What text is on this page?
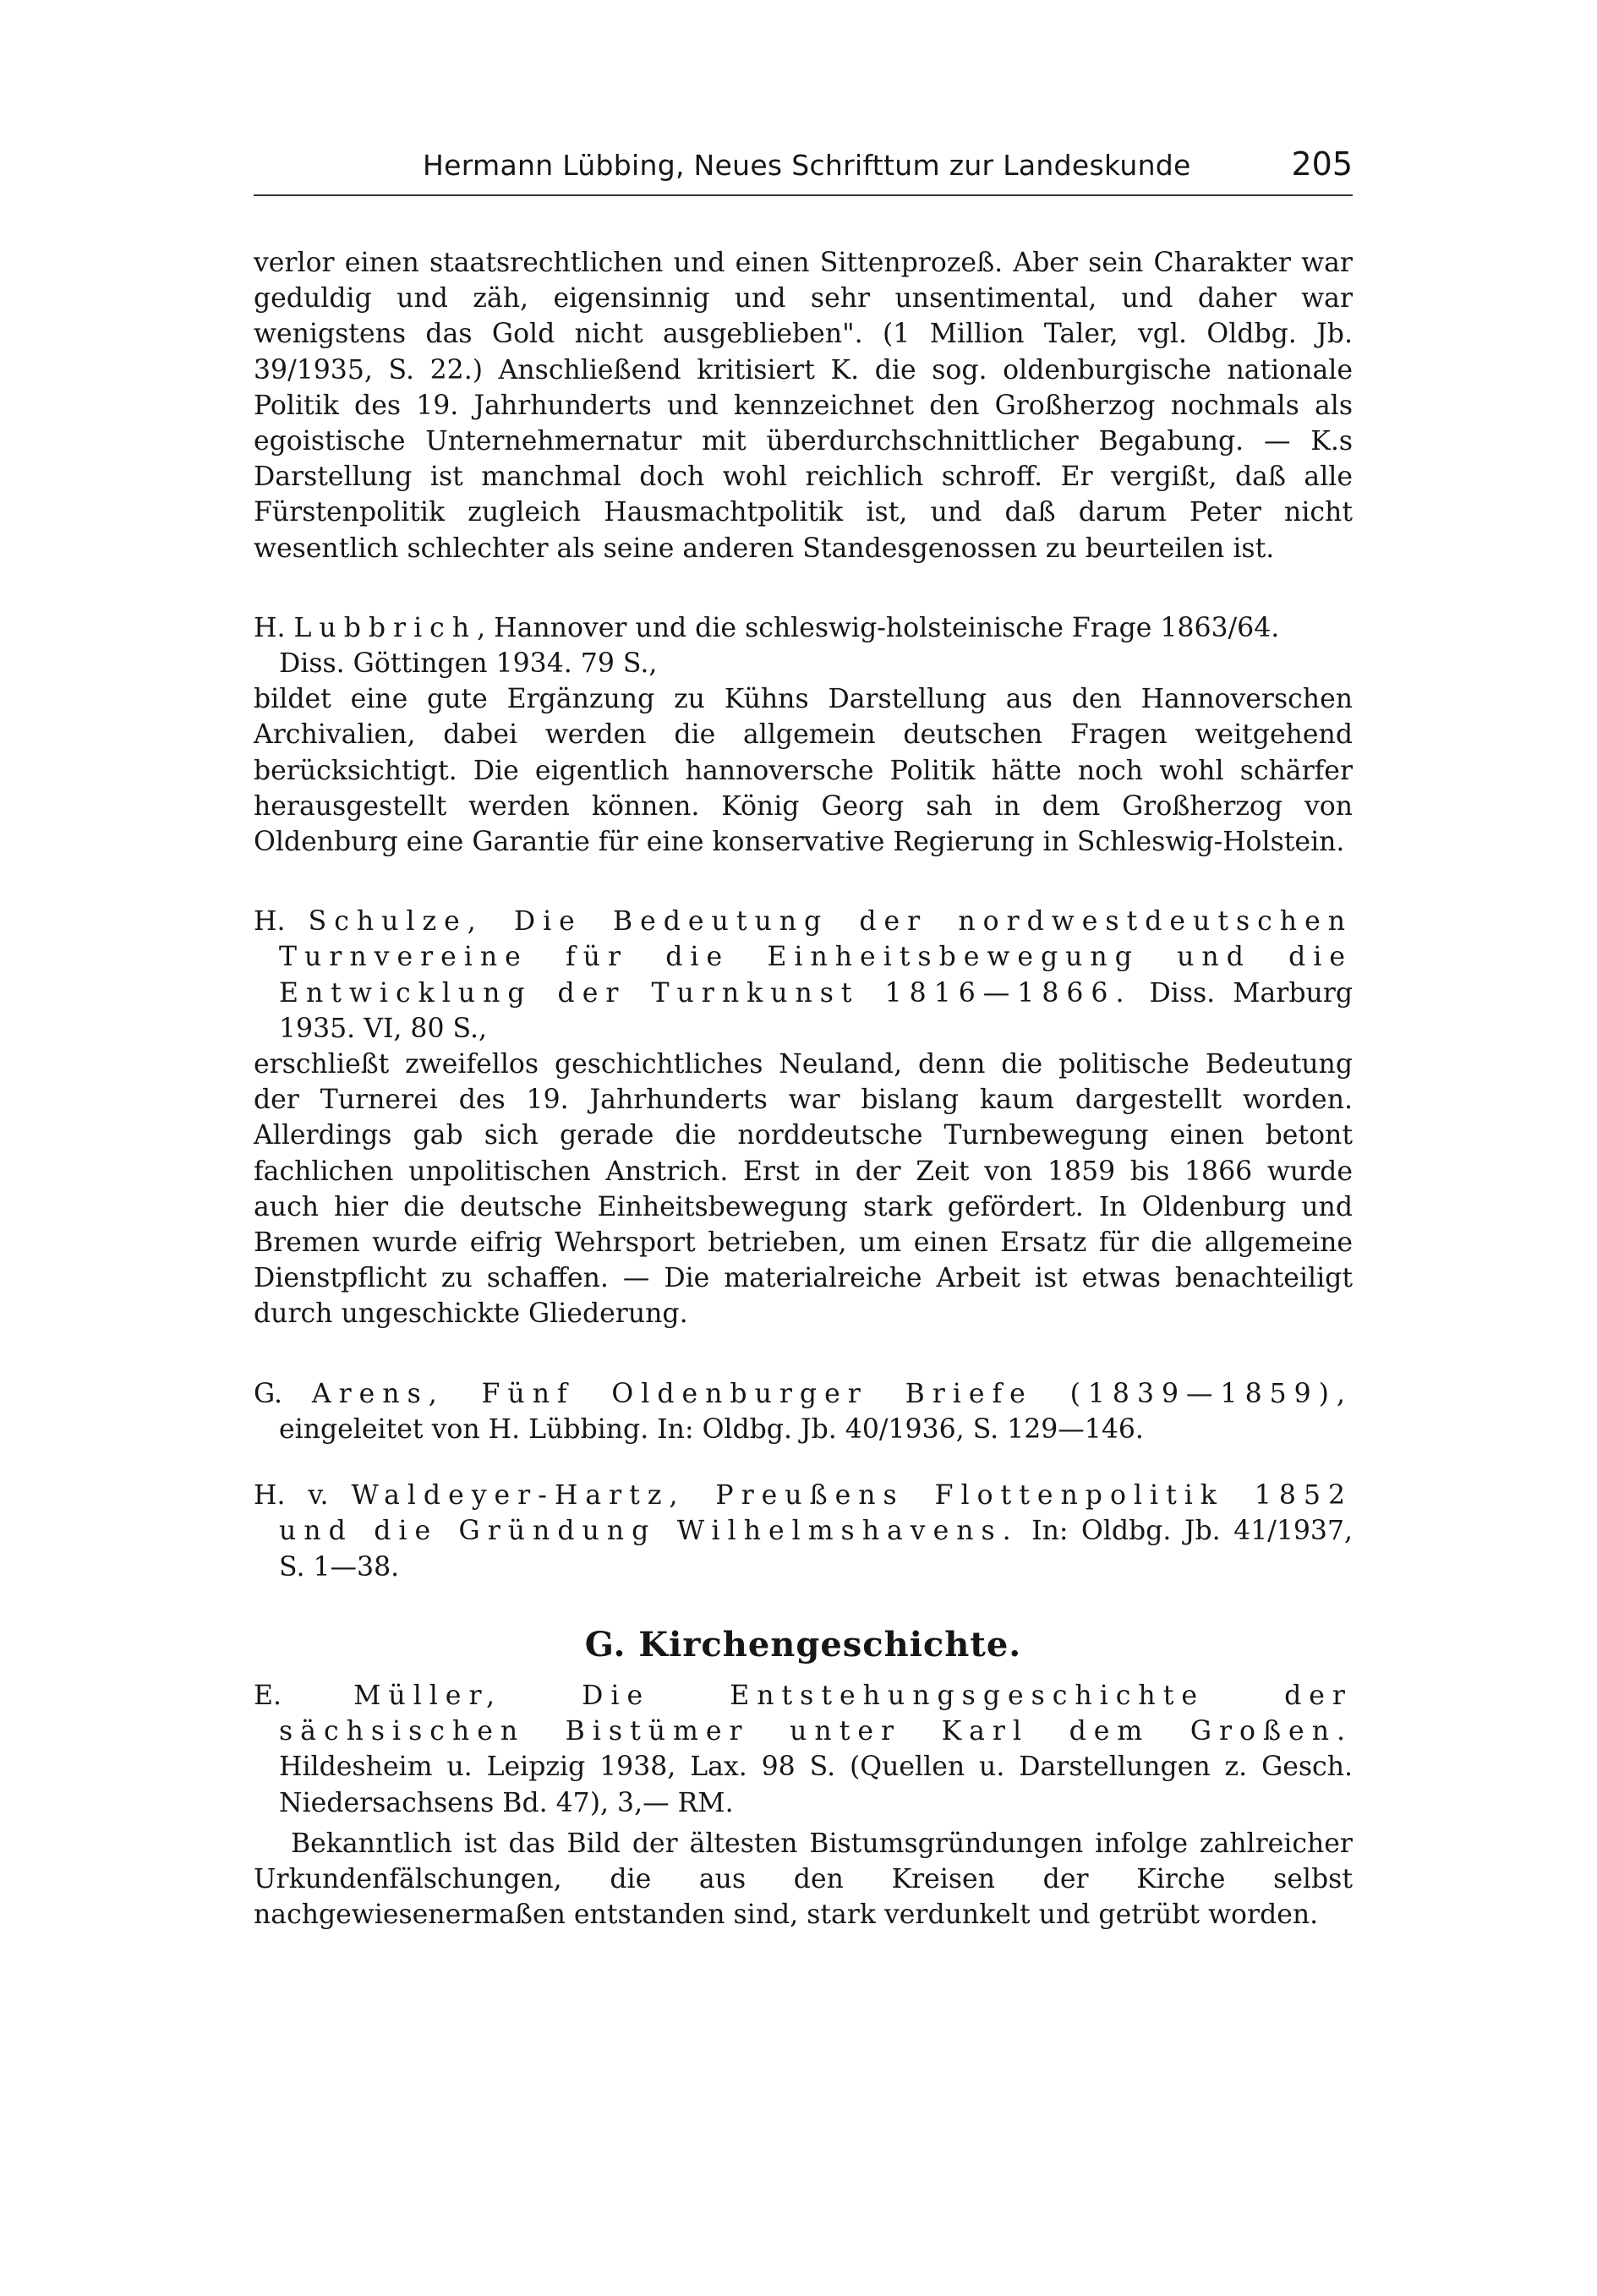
Hermann Lübbing, Neues Schrifttum zur Landeskunde	205

verlor einen staatsrechtlichen und einen Sittenprozeß. Aber sein Charakter war geduldig und zäh, eigensinnig und sehr unsentimental, und daher war wenigstens das Gold nicht ausgeblieben". (1 Million Taler, vgl. Oldbg. Jb. 39/1935, S. 22.) Anschließend kritisiert K. die sog. oldenburgische nationale Politik des 19. Jahrhunderts und kennzeichnet den Großherzog nochmals als egoistische Unternehmernatur mit überdurchschnittlicher Begabung. — K.s Darstellung ist manchmal doch wohl reichlich schroff. Er vergißt, daß alle Fürstenpolitik zugleich Hausmachtpolitik ist, und daß darum Peter nicht wesentlich schlechter als seine anderen Standesgenossen zu beurteilen ist.

H. Lubbrich, Hannover und die schleswig-holsteinische Frage 1863/64.
Diss. Göttingen 1934. 79 S.,

bildet eine gute Ergänzung zu Kühns Darstellung aus den Hannoverschen Archivalien, dabei werden die allgemein deutschen Fragen weitgehend berücksichtigt. Die eigentlich hannoversche Politik hätte noch wohl schärfer herausgestellt werden können. König Georg sah in dem Großherzog von Oldenburg eine Garantie für eine konservative Regierung in Schleswig-Holstein.

H. Schulze, Die Bedeutung der nordwestdeutschen Turnvereine für die Einheitsbewegung und die Entwicklung der Turnkunst 1816—1866. Diss. Marburg 1935. VI, 80 S.,

erschließt zweifellos geschichtliches Neuland, denn die politische Bedeutung der Turnerei des 19. Jahrhunderts war bislang kaum dargestellt worden. Allerdings gab sich gerade die norddeutsche Turnbewegung einen betont fachlichen unpolitischen Anstrich. Erst in der Zeit von 1859 bis 1866 wurde auch hier die deutsche Einheitsbewegung stark gefördert. In Oldenburg und Bremen wurde eifrig Wehrsport betrieben, um einen Ersatz für die allgemeine Dienstpflicht zu schaffen. — Die materialreiche Arbeit ist etwas benachteiligt durch ungeschickte Gliederung.

G. Arens, Fünf Oldenburger Briefe (1839—1859), eingeleitet von H. Lübbing. In: Oldbg. Jb. 40/1936, S. 129—146.
H. v. Waldeyer-Hartz, Preußens Flottenpolitik 1852 und die Gründung Wilhelmshavens. In: Oldbg. Jb. 41/1937, S. 1—38.
G. Kirchengeschichte.
E. Müller, Die Entstehungsgeschichte der sächsischen Bistümer unter Karl dem Großen. Hildesheim u. Leipzig 1938, Lax. 98 S. (Quellen u. Darstellungen z. Gesch. Niedersachsens Bd. 47), 3,— RM.

Bekanntlich ist das Bild der ältesten Bistumsgründungen infolge zahlreicher Urkundenfälschungen, die aus den Kreisen der Kirche selbst nachgewiesenermaßen entstanden sind, stark verdunkelt und getrübt worden.
